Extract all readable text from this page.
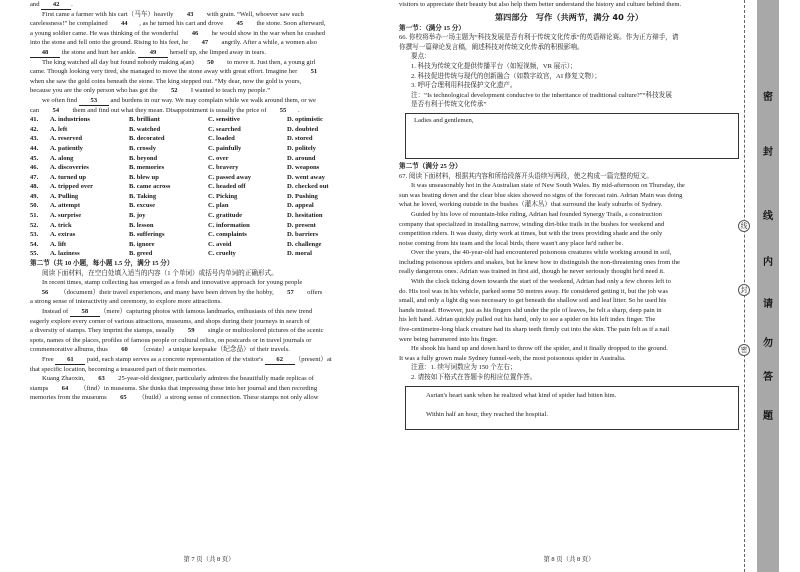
and 42 .
First came a farmer with his cart（马车）heavily 43 with grain. “Well, whoever saw such
carelessness!” he complained 44 , as he turned his cart and drove 45 the stone. Soon afterward,
a young soldier came. He was thinking of the wonderful 46 he would show in the war when he crashed
into the stone and fell onto the ground. Rising to his feet, he 47 angrily. After a while, a women also
48 the stone and hurt her ankle. 49 herself up, she limped away in tears.
The king watched all day but found nobody making a(an) 50 to move it. Just then, a young girl
came. Though looking very tired, she managed to move the stone away with great effort. Imagine her 51
when she saw the gold coins beneath the stone. The king stepped out. “My dear, now the gold is yours,
because you are the only person who has got the 52 I wanted to teach my people.”
we often find 53 and burdens in our way. We may complain while we walk around them, or we
can 54 them and find out what they mean. Disappointment is usually the price of 55 .
41.	A. industrions	B. brilliant	C. sensitive	D. optimistic
42.	A. left	B. watched	C. searched	D. doubted
43.	A. reserved	B. decorated	C. loaded	D. stored
44.	A. patiently	B. crossly	C. painfully	D. politely
45.	A. along	B. beyond	C. over	D. around
46.	A. discoveries	B. memories	C. bravery	D. weapons
47.	A. turned up	B. blew up	C. passed away	D. went away
48.	A. tripped over	B. came across	C. headed off	D. checked out
49.	A. Pulling	B. Taking	C. Picking	D. Pushing
50.	A. attempt	B. excuse	C. plan	D. appeal
51.	A. surprise	B. joy	C. gratitude	D. hesitation
52.	A. trick	B. lesson	C. information	D. present
53.	A. extras	B. sufferings	C. complaints	D. barriers
54.	A. lift	B. ignore	C. avoid	D. challenge
55.	A. laziness	B. greed	C. cruelty	D. moral
第二节（共 10 小题，每小题 1.5 分，满分 15 分）
阅读下面材料，在空白处填入适当的内容（1 个单词）或括号内单词的正确形式。
In recent times, stamp collecting has emerged as a fresh and innovative approach for young people
56 （document）their travel experiences, and many have been driven by the hobby, 57 offers
a strong sense of interactivity and ceremony, to explore more attractions.
Instead of 58 （mere）capturing photos with famous landmarks, enthusiasts of this new trend
eagerly explore every corner of various attractions, museums, and shops during their journeys in search of
a diversity of stamps. They imprint the stamps, usually 59 single or multicolored pictures of the scenic
spots, names of the places, profiles of famous people or cultural relics, on postcards or in travel journals or
commemorative albums, thus 60 （create）a unique keepsake（纪念品）of their travels.
Free 61 paid, each stamp serves as a concrete representation of the visitor's 62 （present）at
that specific location, becoming a treasured part of their memories.
Kuang Zhaoxin, 63 25-year-old designer, particularly admires the beautifully made replicas of
stamps 64 （find）in museums. She thinks that impressing these into her journal and then recording
memories from the museums 65 （build）a strong sense of connection. These stamps not only allow
第 7 页（共 8 页）
visitors to appreciate their beauty but also help them better understand the history and culture behind them.
第四部分　写作（共两节，满分 40 分）
第一节：（满分 15 分）
66. 你校将举办一场主题为“科技发展是否有利于传统文化传承”的英语辩论赛。作为正方辩手，请
你撰写一篇辩论发言稿，阐述科技对传统文化传承的积极影响。
要点：
1. 科技为传统文化提供传播平台（如短视频，VR 展示）；
2. 科技促进传统与现代的创新融合（如数字故宫，AI 修复文物）；
3. 呼吁合理利用科技保护文化遗产。
注：“Is technological development conducive to the inheritance of traditional culture?”“科技发展
是否有利于传统文化传承”
Ladies and gentlemen,
第二节（满分 25 分）
67. 阅读下面材料，根据其内容和所给段落开头语续写两段，使之构成一篇完整的短文。
It was unseasonably hot in the Australian state of New South Wales. By mid-afternoon on Thursday, the
sun was beating down and the clear blue skies showed no signs of the forecast rain. Adrian Main was doing
what he loved, working outside in the bushes（灌木丛）that surround the leafy suburbs of Sydney.
Guided by his love of mountain-bike riding, Adrian had founded Synergy Trails, a construction
company that specialized in installing narrow, winding dirt-bike trails in the bushes for weekend and
competition riders. It was dusty, dirty work at times, but with the trees providing shade and the only
noise coming from his team and the local birds, there wasn't any place he'd rather be.
Over the years, the 40-year-old had encountered poisonous creatures while working around in soil,
including poisonous spiders and snakes, but he knew how to distinguish the non-threatening ones from the
really dangerous ones. Adrian was trained in first aid, though he never seriously thought he'd need it.
With the clock ticking down towards the start of the weekend, Adrian had only a few chores left to
do. His tool was in his vehicle, parked some 50 metres away. He considered getting it, but the job was
small, and only a light dig was necessary to get beneath the shallow soil and leaf litter. So he used his
hands instead. However, just as his fingers slid under the pile of leaves, he felt a sharp, deep pain in
his left hand. Adrian quickly pulled out his hand, only to see a spider on his left index finger. The
five-centimetre-long black creature had its sharp teeth firmly cut into the skin. The pain felt as if a nail
were being hammered into his finger.
He shook his hand up and down hard to throw off the spider, and it finally dropped to the ground.
It was a fully grown male Sydney funnel-web, the most poisonous spider in Australia.
注意：1. 续写词数应为 150 个左右；
2. 请按如下格式在答题卡的相应位置作答。
Asrian's heart sank when he realized what kind of spider had bitten him.
Within half an hour, they reached the hospital.
第 8 页（共 8 页）
密
封
线
内
请
勿
答
题
线
封
密
